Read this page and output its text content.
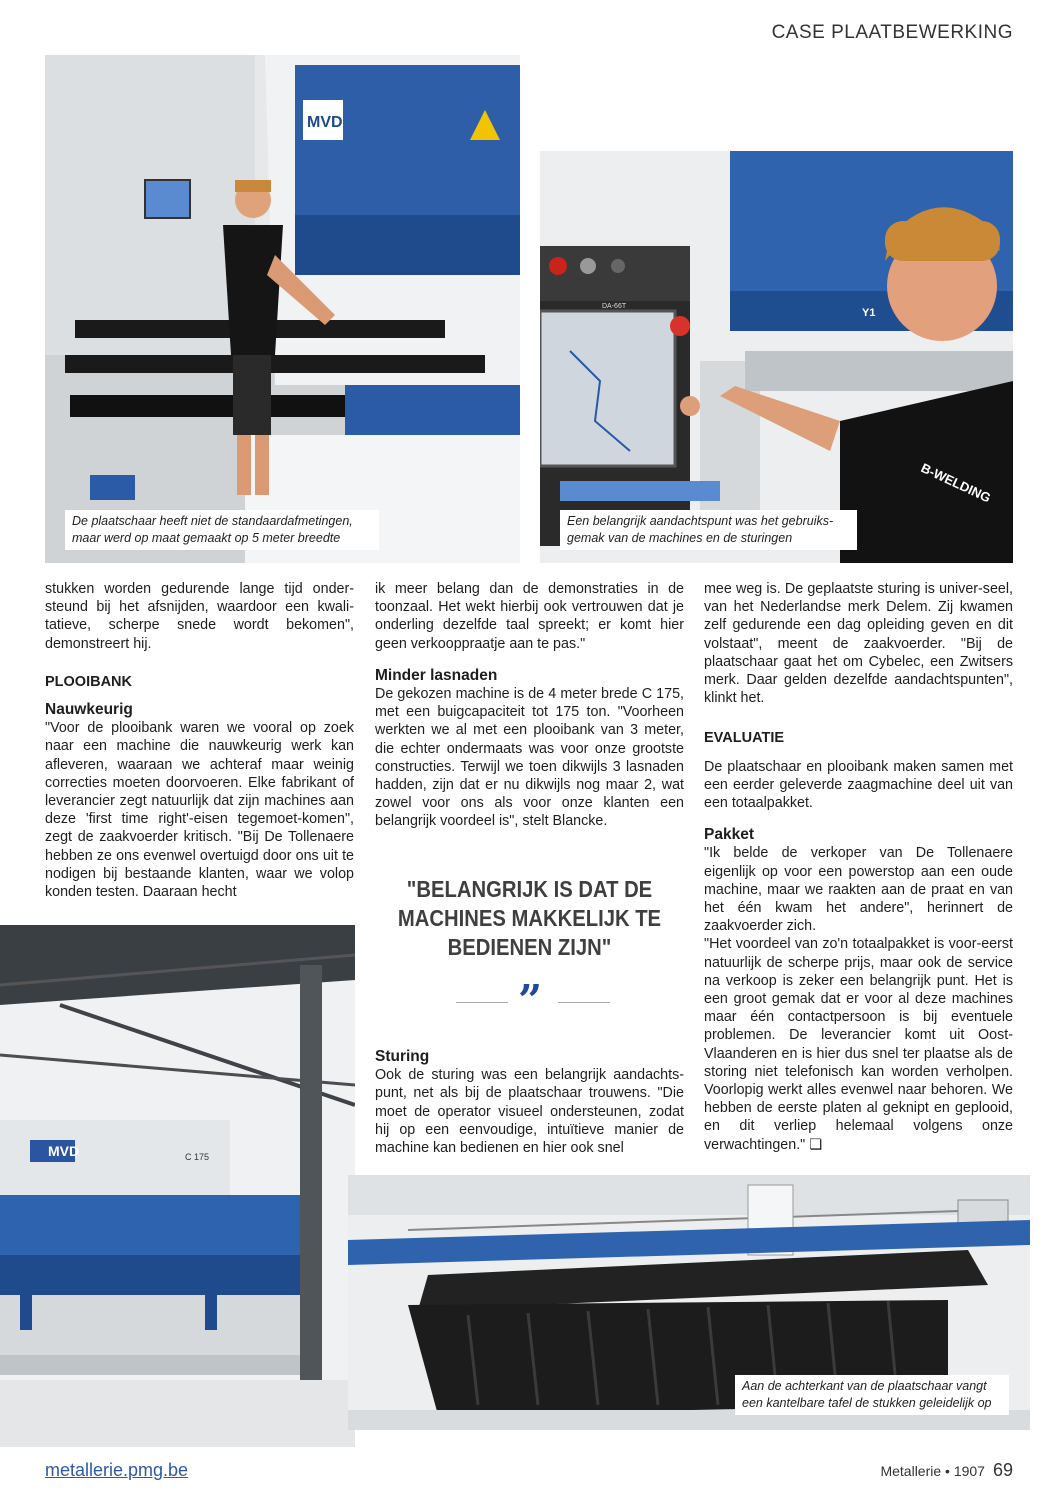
CASE PLAATBEWERKING
MVD
De plaatschaar heeft niet de standaardafmetingen,
maar werd op maat gemaakt op 5 meter breedte
Y1
DA-66T
B-WELDING
Een belangrijk aandachtspunt was het gebruiks-
gemak van de machines en de sturingen

stukken worden gedurende lange tijd onder-steund bij het afsnijden, waardoor een kwali-tatieve, scherpe snede wordt bekomen", demonstreert hij.

PLOOIBANK

Nauwkeurig

"Voor de plooibank waren we vooral op zoek naar een machine die nauwkeurig werk kan afleveren, waaraan we achteraf maar weinig correcties moeten doorvoeren. Elke fabrikant of leverancier zegt natuurlijk dat zijn machines aan deze 'first time right'-eisen tegemoet-komen", zegt de zaakvoerder kritisch. "Bij De Tollenaere hebben ze ons evenwel overtuigd door ons uit te nodigen bij bestaande klanten, waar we volop konden testen. Daaraan hecht

MVD	C 175

ik meer belang dan de demonstraties in de toonzaal. Het wekt hierbij ook vertrouwen dat je onderling dezelfde taal spreekt; er komt hier geen verkooppraatje aan te pas."

Minder lasnaden

De gekozen machine is de 4 meter brede C 175, met een buigcapaciteit tot 175 ton. "Voorheen werkten we al met een plooibank van 3 meter, die echter ondermaats was voor onze grootste constructies. Terwijl we toen dikwijls 3 lasnaden hadden, zijn dat er nu dikwijls nog maar 2, wat zowel voor ons als voor onze klanten een belangrijk voordeel is", stelt Blancke.

"BELANGRIJK IS DAT DE
MACHINES MAKKELIJK TE
BEDIENEN ZIJN"
”

Sturing

Ook de sturing was een belangrijk aandachts-punt, net als bij de plaatschaar trouwens. "Die moet de operator visueel ondersteunen, zodat hij op een eenvoudige, intuïtieve manier de machine kan bedienen en hier ook snel

mee weg is. De geplaatste sturing is univer-seel, van het Nederlandse merk Delem. Zij kwamen zelf gedurende een dag opleiding geven en dit volstaat", meent de zaakvoerder. "Bij de plaatschaar gaat het om Cybelec, een Zwitsers merk. Daar gelden dezelfde aandachtspunten", klinkt het.

EVALUATIE

De plaatschaar en plooibank maken samen met een eerder geleverde zaagmachine deel uit van een totaalpakket.

Pakket

"Ik belde de verkoper van De Tollenaere eigenlijk op voor een powerstop aan een oude machine, maar we raakten aan de praat en van het één kwam het andere", herinnert de zaakvoerder zich.

"Het voordeel van zo'n totaalpakket is voor-eerst natuurlijk de scherpe prijs, maar ook de service na verkoop is zeker een belangrijk punt. Het is een groot gemak dat er voor al deze machines maar één contactpersoon is bij eventuele problemen. De leverancier komt uit Oost-Vlaanderen en is hier dus snel ter plaatse als de storing niet telefonisch kan worden verholpen. Voorlopig werkt alles evenwel naar behoren. We hebben de eerste platen al geknipt en geplooid, en dit verliep helemaal volgens onze verwachtingen." ❏

Aan de achterkant van de plaatschaar vangt
een kantelbare tafel de stukken geleidelijk op
metallerie.pmg.be	Metallerie • 1907 69
